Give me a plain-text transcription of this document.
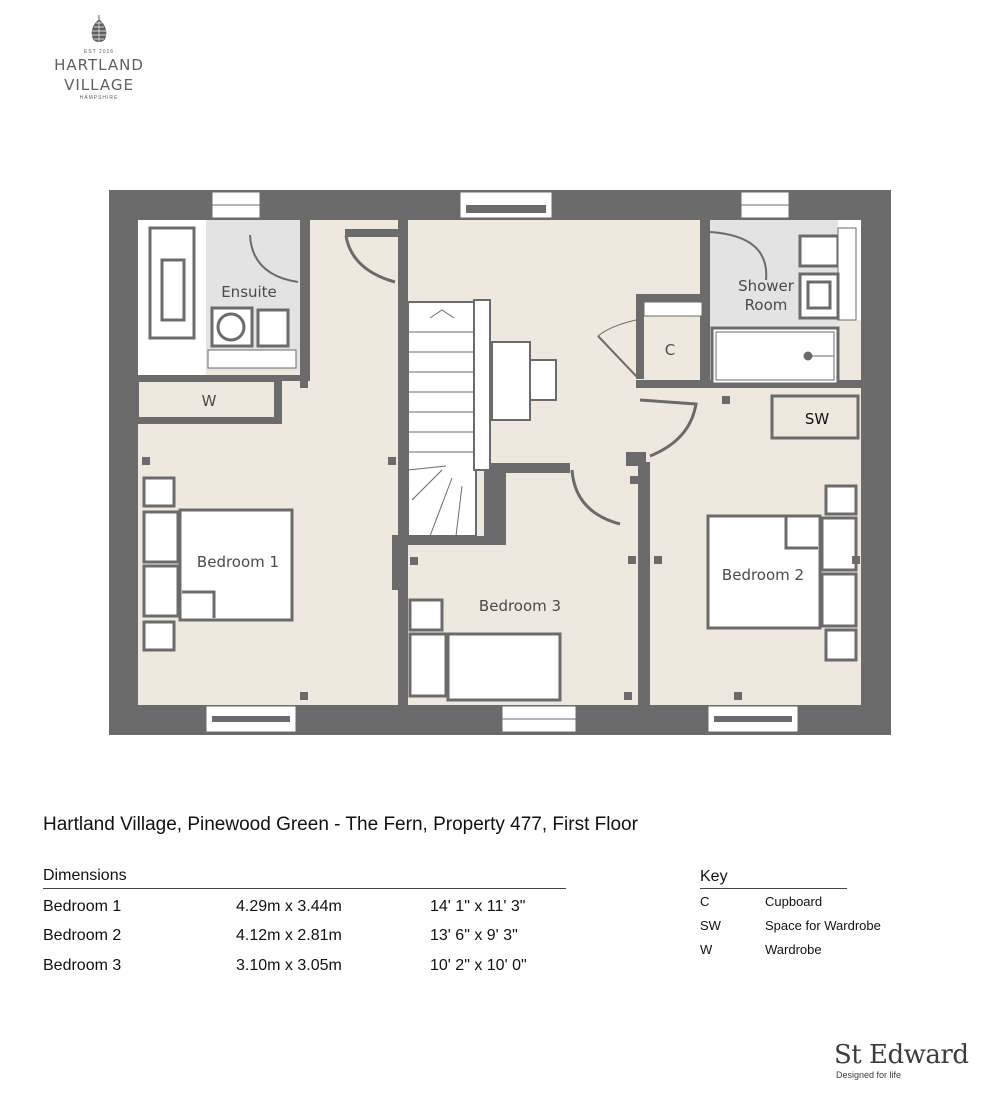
EST 2016
HARTLAND
VILLAGE
HAMPSHIRE
Ensuite	Shower
Room
C
SW
W
Bedroom 1
Bedroom 2
Bedroom 3
Hartland Village, Pinewood Green - The Fern, Property 477, First Floor
Dimensions
Bedroom 1	4.29m x 3.44m	14' 1" x 11' 3"
Bedroom 2	4.12m x 2.81m	13' 6" x 9' 3"
Bedroom 3	3.10m x 3.05m	10' 2" x 10' 0"
Key
C	Cupboard
SW	Space for Wardrobe
W	Wardrobe
St Edward
Designed for life
